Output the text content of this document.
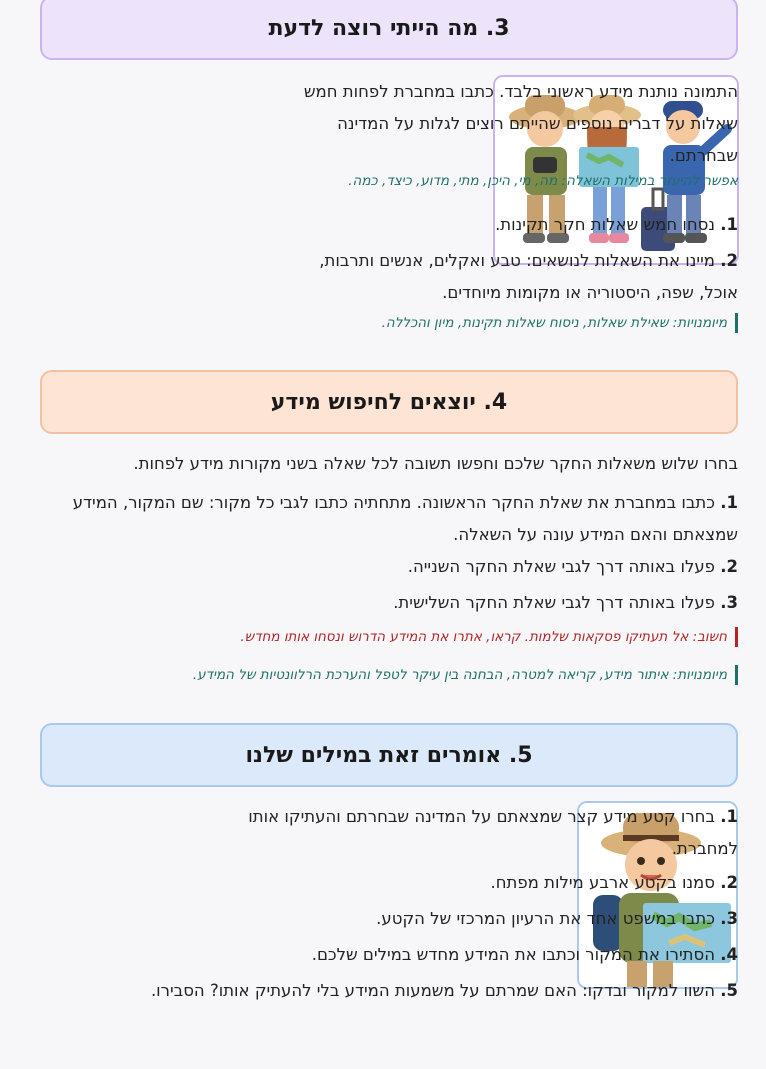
3. מה הייתי רוצה לדעת
התמונה נותנת מידע ראשוני בלבד. כתבו במחברת לפחות חמש שאלות על דברים נוספים שהייתם רוצים לגלות על המדינה שבחרתם.
אפשר להיעזר במילות השאלה: מה, מי, היכן, מתי, מדוע, כיצד, כמה.
1. נסחו חמש שאלות חקר תקינות.
2. מיינו את השאלות לנושאים: טבע ואקלים, אנשים ותרבות, אוכל, שפה, היסטוריה או מקומות מיוחדים.
מיומנויות: שאילת שאלות, ניסוח שאלות תקינות, מיון והכללה.
4. יוצאים לחיפוש מידע
בחרו שלוש משאלות החקר שלכם וחפשו תשובה לכל שאלה בשני מקורות מידע לפחות.
1. כתבו במחברת את שאלת החקר הראשונה. מתחתיה כתבו לגבי כל מקור: שם המקור, המידע שמצאתם והאם המידע עונה על השאלה.
2. פעלו באותה דרך לגבי שאלת החקר השנייה.
3. פעלו באותה דרך לגבי שאלת החקר השלישית.
חשוב: אל תעתיקו פסקאות שלמות. קראו, אתרו את המידע הדרוש ונסחו אותו מחדש.
מיומנויות: איתור מידע, קריאה למטרה, הבחנה בין עיקר לטפל והערכת הרלוונטיות של המידע.
5. אומרים זאת במילים שלנו
1. בחרו קטע מידע קצר שמצאתם על המדינה שבחרתם והעתיקו אותו למחברת.
2. סמנו בקטע ארבע מילות מפתח.
3. כתבו במשפט אחד את הרעיון המרכזי של הקטע.
4. הסתירו את המקור וכתבו את המידע מחדש במילים שלכם.
5. השוו למקור ובדקו: האם שמרתם על משמעות המידע בלי להעתיק אותו? הסבירו.
